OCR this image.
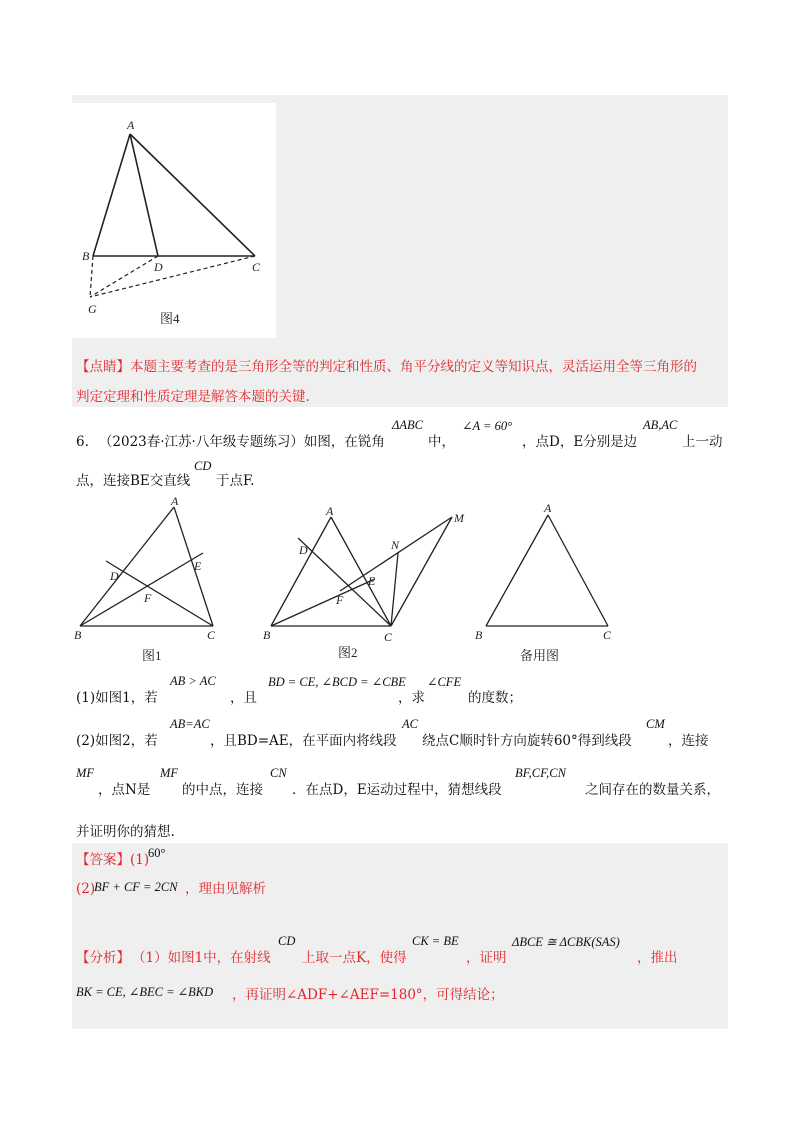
A
B
D	C
G
图4
【点睛】本题主要考查的是三角形全等的判定和性质、角平分线的定义等知识点，灵活运用全等三角形的
判定定理和性质定理是解答本题的关键.
6. （2023春·江苏·八年级专题练习）如图，在锐角
ΔABC
中，
∠A = 60°
，点D，E分别是边
AB,AC
上一动
点，连接BE交直线
CD
于点F.
A
B	C
D
E
F
图1
A
B	C
D
E
F
M
N
图2
A
B	C
备用图
(1)如图1，若
AB > AC
，且
BD = CE, ∠BCD = ∠CBE
，求
∠CFE
的度数；
(2)如图2，若
AB=AC
，且BD=AE，在平面内将线段
AC
绕点C顺时针方向旋转60°得到线段
CM
，连接
MF
，点N是
MF
的中点，连接
CN
．在点D，E运动过程中，猜想线段
BF,CF,CN
之间存在的数量关系，
并证明你的猜想.
【答案】(1)
60°
(2)
BF + CF = 2CN ，理由见解析
【分析】 （1）如图1中，在射线
CD
上取一点K，使得
CK = BE
，证明
ΔBCE ≅ ΔCBK(SAS)
，推出
BK = CE, ∠BEC = ∠BKD ，再证明∠ADF+∠AEF=180°，可得结论；
